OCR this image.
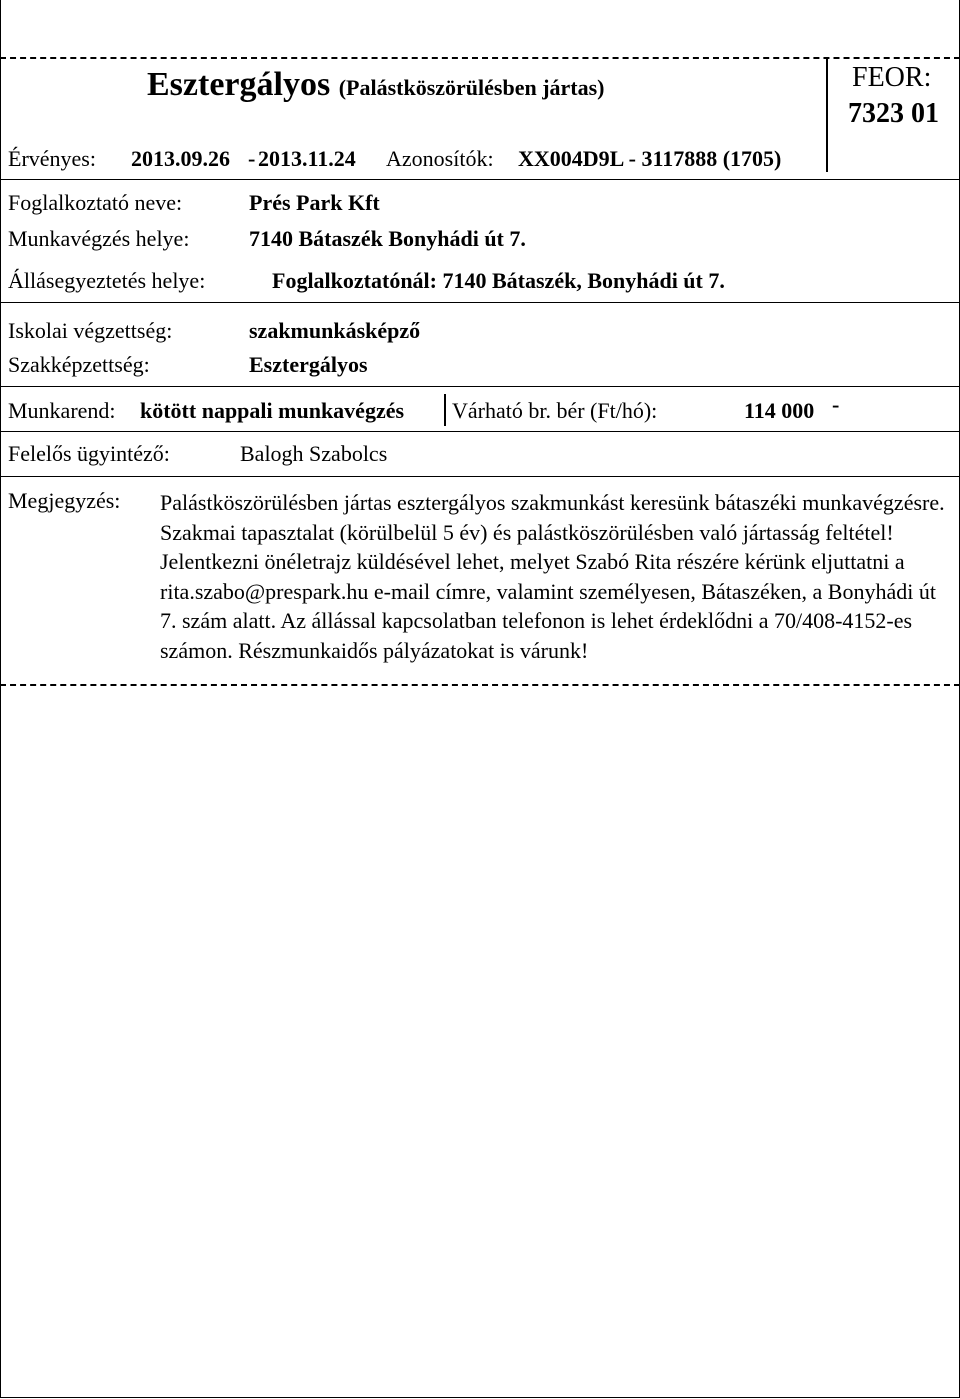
Esztergályos (Palástköszörülésben jártas)	FEOR:
7323 01
Érvényes: 2013.09.26 - 2013.11.24 Azonosítók: XX004D9L - 3117888 (1705)
Foglalkoztató neve:	Prés Park Kft
Munkavégzés helye:	7140 Bátaszék Bonyhádi út 7.
Állásegyeztetés helye:	Foglalkoztatónál: 7140 Bátaszék, Bonyhádi út 7.
Iskolai végzettség:	szakmunkásképző
Szakképzettség:	Esztergályos
Munkarend: kötött nappali munkavégzés Várható br. bér (Ft/hó):	114 000 -
Felelős ügyintéző:	Balogh Szabolcs
Megjegyzés: Palástköszörülésben jártas esztergályos szakmunkást keresünk bátaszéki munkavégzésre. Szakmai tapasztalat (körülbelül 5 év) és palástköszörülésben való jártasság feltétel! Jelentkezni önéletrajz küldésével lehet, melyet Szabó Rita részére kérünk eljuttatni a rita.szabo@prespark.hu e-mail címre, valamint személyesen, Bátaszéken, a Bonyhádi út 7. szám alatt. Az állással kapcsolatban telefonon is lehet érdeklődni a 70/408-4152-es számon. Részmunkaidős pályázatokat is várunk!
